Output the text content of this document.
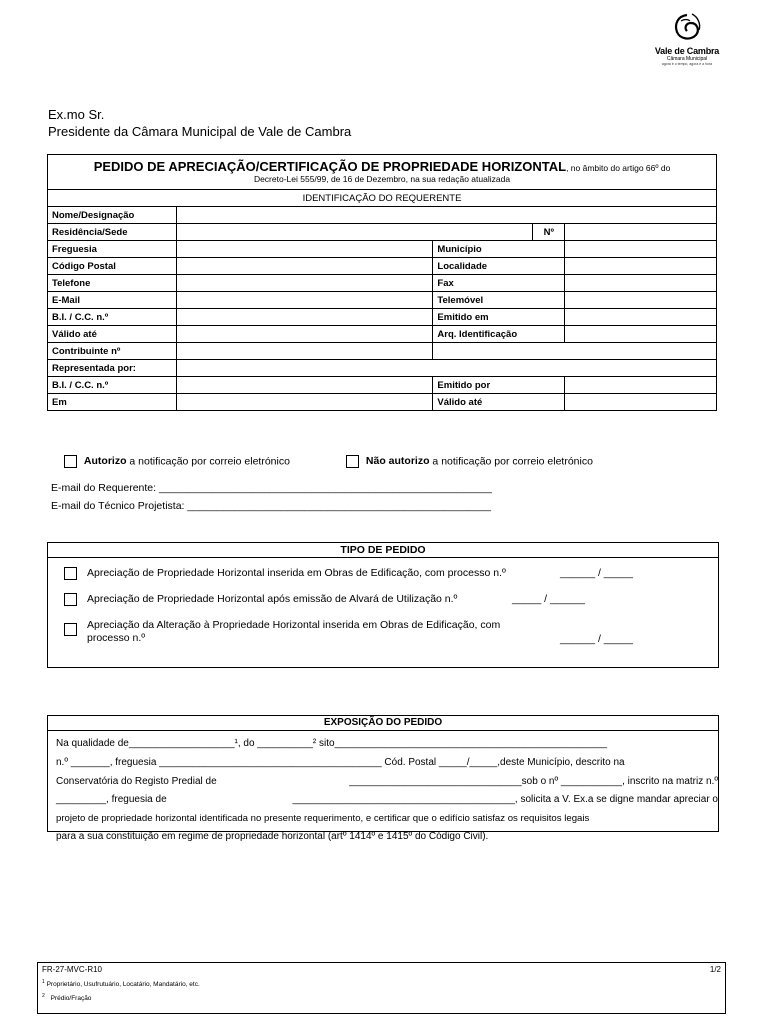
Vale de Cambra
Câmara Municipal
agora é o tempo, agora é a hora
Ex.mo Sr.
Presidente da Câmara Municipal de Vale de Cambra
PEDIDO DE APRECIAÇÃO/CERTIFICAÇÃO DE PROPRIEDADE HORIZONTAL, no âmbito do artigo 66º do
Decreto-Lei 555/99, de 16 de Dezembro, na sua redação atualizada				
IDENTIFICAÇÃO DO REQUERENTE				
Nome/Designação				
Residência/Sede			Nº	
Freguesia		Município		
Código Postal		Localidade		
Telefone		Fax		
E-Mail		Telemóvel		
B.I. / C.C. n.º		Emitido em		
Válido até		Arq. Identificação		
Contribuinte nº				
Representada por:				
B.I. / C.C. n.º		Emitido por		
Em		Válido até		
Autorizo a notificação por correio eletrónico	Não autorizo a notificação por correio eletrónico
E-mail do Requerente: _________________________________________________________
E-mail do Técnico Projetista: ____________________________________________________
TIPO DE PEDIDO
Apreciação de Propriedade Horizontal inserida em Obras de Edificação, com processo n.º	______ / _____
Apreciação de Propriedade Horizontal após emissão de Alvará de Utilização n.º	_____ / ______
Apreciação da Alteração à Propriedade Horizontal inserida em Obras de Edificação, com
processo n.º	______ / _____
EXPOSIÇÃO DO PEDIDO
Na qualidade de___________________¹, do __________² sito_________________________________________________
n.º _______, freguesia ________________________________________ Cód. Postal _____/_____,deste Município, descrito na
Conservatória do Registo Predial de	_______________________________sob o nº ___________, inscrito na matriz n.º
_________, freguesia de	________________________________________, solicita a V. Ex.a se digne mandar apreciar o
projeto de propriedade horizontal identificada no presente requerimento, e certificar que o edifício satisfaz os requisitos legais
para a sua constituição em regime de propriedade horizontal (artº 1414º e 1415º do Código Civil).
FR-27-MVC-R10	1/2
$^1$ Proprietário, Usufrutuário, Locatário, Mandatário, etc.
$^2$ Prédio/Fração
